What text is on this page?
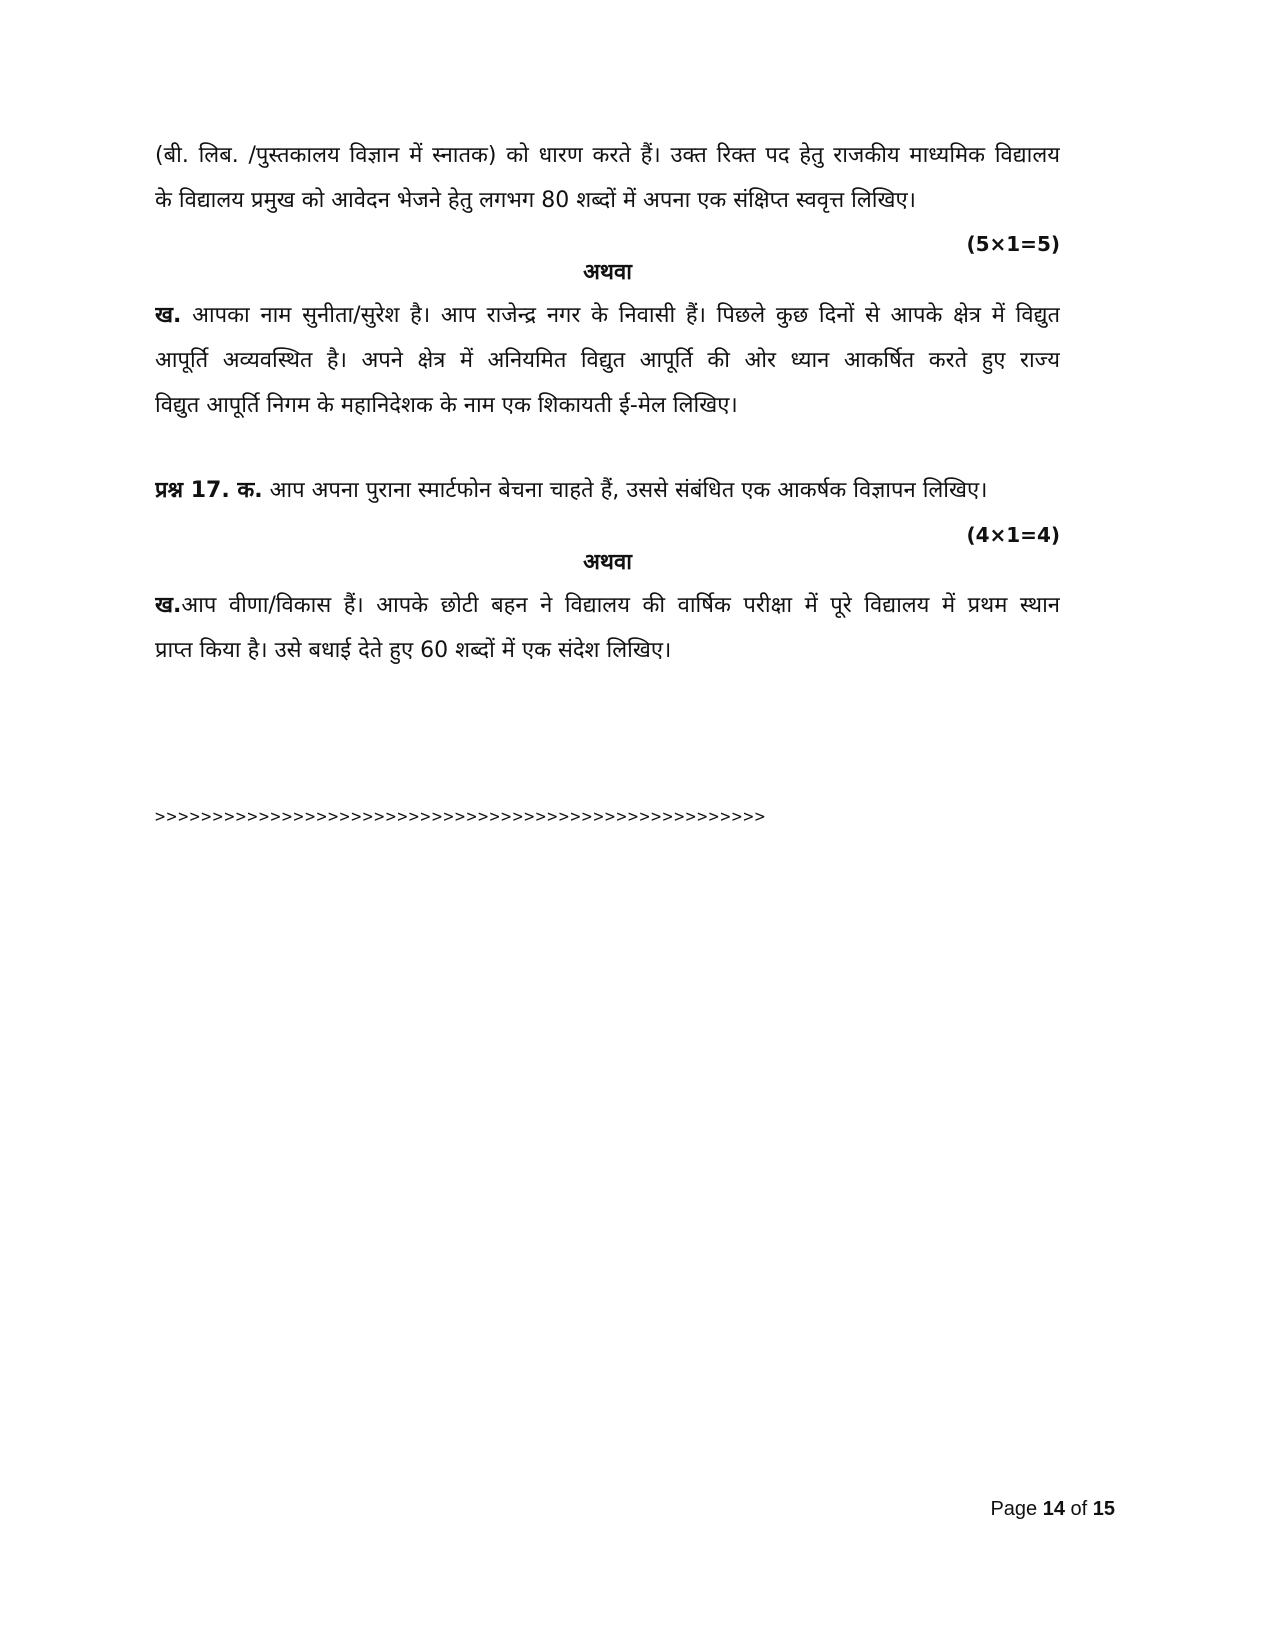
(बी. लिब. /पुस्तकालय विज्ञान में स्नातक) को धारण करते हैं। उक्त रिक्त पद हेतु राजकीय माध्यमिक विद्यालय
के विद्यालय प्रमुख को आवेदन भेजने हेतु लगभग 80 शब्दों में अपना एक संक्षिप्त स्ववृत्त लिखिए।
(5×1=5)
अथवा
ख. आपका नाम सुनीता/सुरेश है। आप राजेन्द्र नगर के निवासी हैं। पिछले कुछ दिनों से आपके क्षेत्र में विद्युत
आपूर्ति अव्यवस्थित है। अपने क्षेत्र में अनियमित विद्युत आपूर्ति की ओर ध्यान आकर्षित करते हुए राज्य
विद्युत आपूर्ति निगम के महानिदेशक के नाम एक शिकायती ई-मेल लिखिए।
प्रश्न 17. क. आप अपना पुराना स्मार्टफोन बेचना चाहते हैं, उससे संबंधित एक आकर्षक विज्ञापन लिखिए।
(4×1=4)
अथवा
ख.आप वीणा/विकास हैं। आपके छोटी बहन ने विद्यालय की वार्षिक परीक्षा में पूरे विद्यालय में प्रथम स्थान
प्राप्त किया है। उसे बधाई देते हुए 60 शब्दों में एक संदेश लिखिए।
>>>>>>>>>>>>>>>>>>>>>>>>>>>>>>>>>>>>>>>>>>>>>>>>>>>>>
Page 14 of 15
